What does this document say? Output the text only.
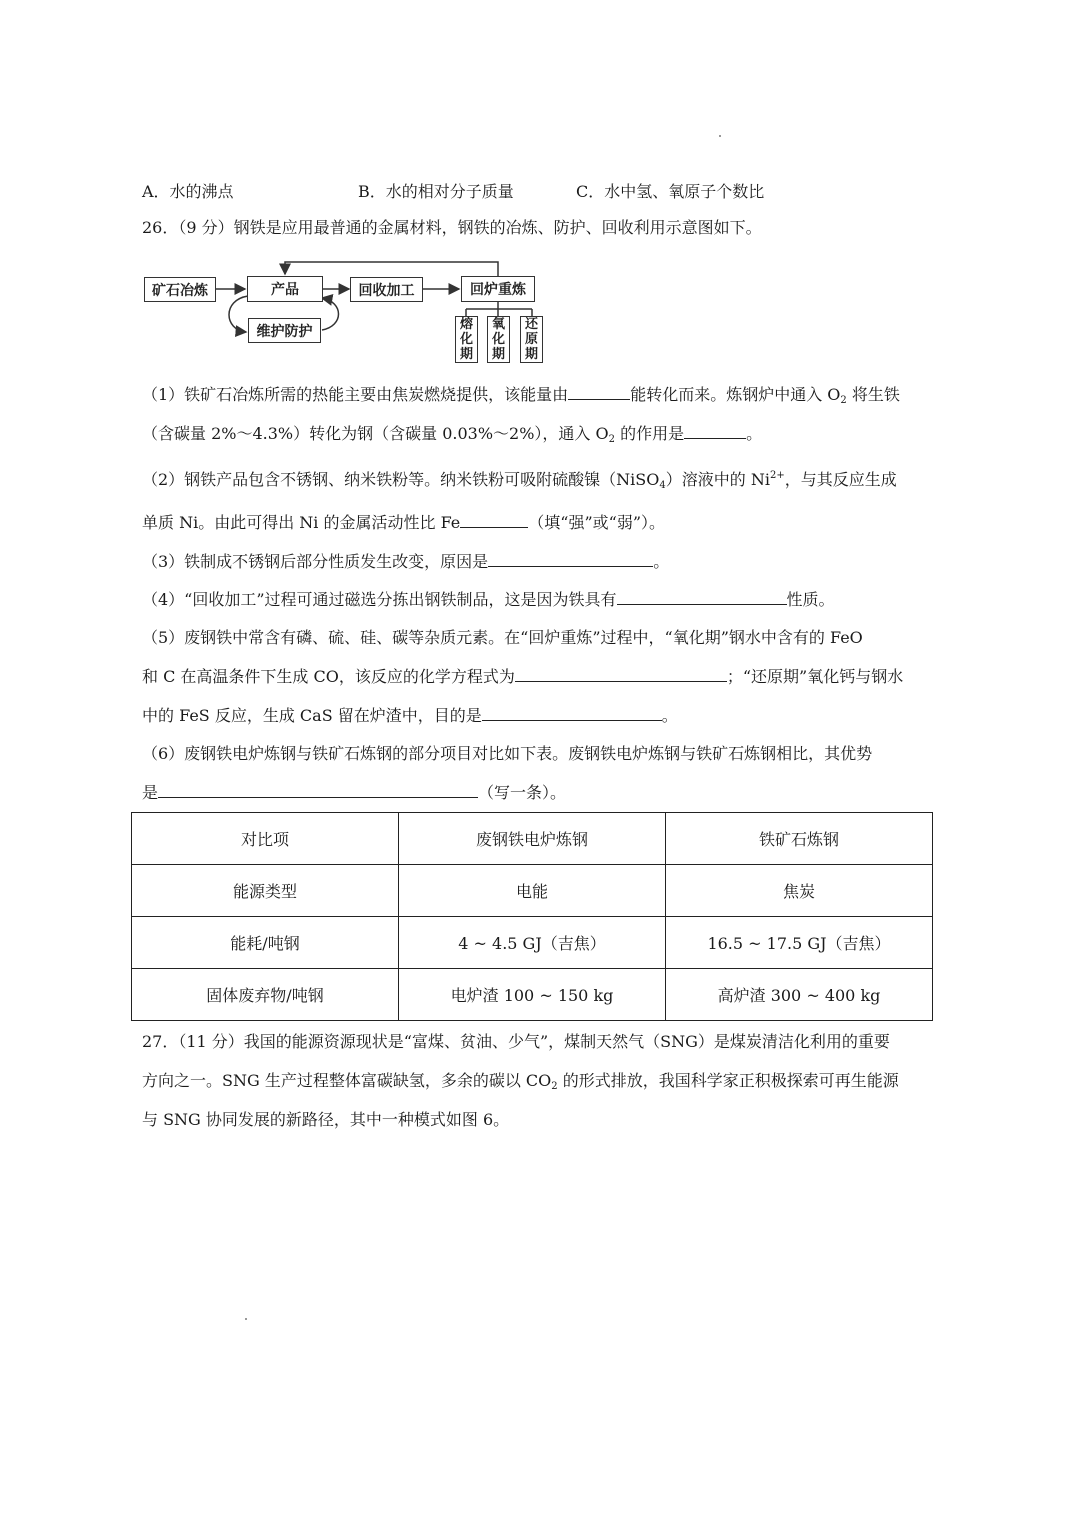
A．水的沸点	B．水的相对分子质量	C．水中氢、氧原子个数比
26．（9 分）钢铁是应用最普通的金属材料，钢铁的冶炼、防护、回收利用示意图如下。
矿石冶炼	产品	回收加工	回炉重炼
维护防护	熔
化
期
氧
化
期
还
原
期
（1）铁矿石冶炼所需的热能主要由焦炭燃烧提供，该能量由	能转化而来。炼钢炉中通入 $O_2$ 将生铁
（含碳量 2%～4.3%）转化为钢（含碳量 0.03%～2%），通入 $O_2$ 的作用是	。
（2）钢铁产品包含不锈钢、纳米铁粉等。纳米铁粉可吸附硫酸镍（NiSO$_4$）溶液中的 $Ni^{2+}$，与其反应生成
单质 Ni。由此可得出 Ni 的金属活动性比 Fe	（填“强”或“弱”）。
（3）铁制成不锈钢后部分性质发生改变，原因是	。
（4）“回收加工”过程可通过磁选分拣出钢铁制品，这是因为铁具有	性质。
（5）废钢铁中常含有磷、硫、硅、碳等杂质元素。在“回炉重炼”过程中，“氧化期”钢水中含有的 FeO
和 C 在高温条件下生成 CO，该反应的化学方程式为	；“还原期”氧化钙与钢水
中的 FeS 反应，生成 CaS 留在炉渣中，目的是	。
（6）废钢铁电炉炼钢与铁矿石炼钢的部分项目对比如下表。废钢铁电炉炼钢与铁矿石炼钢相比，其优势
是	（写一条）。
对比项	废钢铁电炉炼钢	铁矿石炼钢
能源类型	电能	焦炭
能耗/吨钢	4 ~ 4.5 GJ（吉焦）	16.5 ~ 17.5 GJ（吉焦）
固体废弃物/吨钢	电炉渣 100 ~ 150 kg	高炉渣 300 ~ 400 kg
27．（11 分）我国的能源资源现状是“富煤、贫油、少气”，煤制天然气（SNG）是煤炭清洁化利用的重要
方向之一。SNG 生产过程整体富碳缺氢，多余的碳以 $CO_2$ 的形式排放，我国科学家正积极探索可再生能源
与 SNG 协同发展的新路径，其中一种模式如图 6。
